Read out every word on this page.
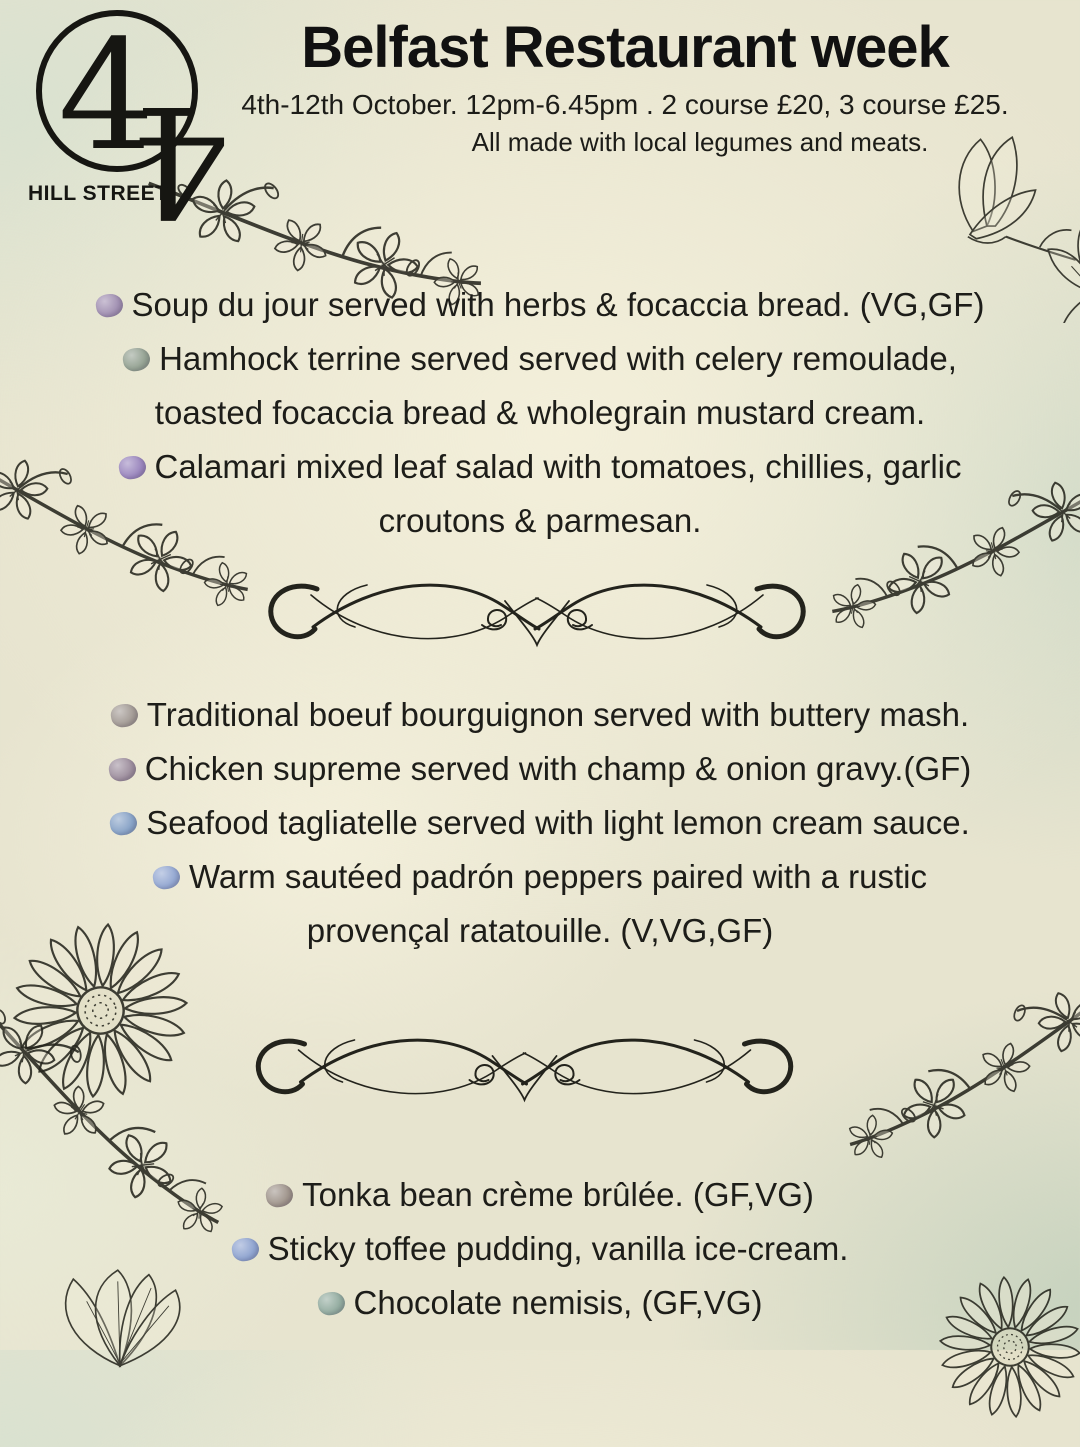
4
4
HILL STREET
Belfast Restaurant week
4th-12th October. 12pm-6.45pm . 2 course £20, 3 course £25.
All made with local legumes and meats.
Soup du jour served with herbs & focaccia bread. (VG,GF)
Hamhock terrine served served with celery remoulade,
toasted focaccia bread & wholegrain mustard cream.
Calamari mixed leaf salad with tomatoes, chillies, garlic
croutons & parmesan.
Traditional boeuf bourguignon served with buttery mash.
Chicken supreme served with champ & onion gravy.(GF)
Seafood tagliatelle served with light lemon cream sauce.
Warm sautéed padrón peppers paired with a rustic
provençal ratatouille. (V,VG,GF)
Tonka bean crème brûlée. (GF,VG)
Sticky toffee pudding, vanilla ice-cream.
Chocolate nemisis, (GF,VG)
